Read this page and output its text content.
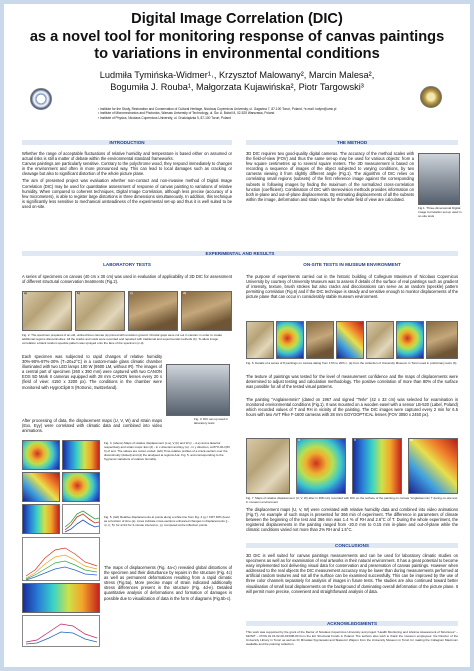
Digital Image Correlation (DIC)
as a novel tool for monitoring response of canvas paintings
to variations in environmental conditions
Ludmiła Tymińska-Widmer¹˒, Krzysztof Malowany², Marcin Malesa²,
Bogumiła J. Rouba¹, Małgorzata Kujawińska², Piotr Targowski³
¹ Institute for the Study, Restoration and Conservation of Cultural Heritage, Nicolaus Copernicus University, ul. Gagarina 7, 87-100 Toruń, Poland, *e-mail: ludym@umk.pl
² Institute of Micromechanics and Photonics, Warsaw University of Technology, ul. Św. A. Boboli 8, 02-525 Warszawa, Poland
³ Institute of Physics, Nicolaus Copernicus University, ul. Grudziądzka 5, 87-100 Toruń, Poland
INTRODUCTION
Whether the range of acceptable fluctuations of relative humidity and temperature is based either on assumed or actual risks is still a matter of debate within the environmental standard frameworks.
Canvas paintings are particularly sensitive. Contrary to the polychrome wood, they respond immediately to changes in the environment and often in more pronounced way. This can lead to local damages such as cracking or cleavage but also to significant distortion of the whole picture plane.
The aim of presented project was evaluation whether non-contact and non-invasive method of Digital Image Correlation (DIC) may be used for quantitative assessment of response of canvas painting to variations of relative humidity. When compared to coherent techniques, Digital Image Correlation, although less precise (accuracy of a few micrometers), is able to register large distortions in three dimensions simultaneously. In addition, this technique is significantly less sensitive to mechanical unsteadiness of the experimental set-up and thus it is well suited to be used on-site.
THE METHOD
3D DIC requires two good-quality digital cameras. The accuracy of the method scales with the field-of-view (FOV) and thus the same set-up may be used for various objects: from a few square centimetres up to several square meters. The 3D measurement is based on recording a sequence of images of the object subjected to varying conditions, by two cameras viewing it from slightly different angle (Fig.1). The algorithm of DIC relies on correlating small regions (subsets) of the first reference image against the corresponding subsets in following images by finding the maximum of the normalized cross-correlation function (coefficient). Combination of DIC with stereovision methods provides information on both in-plane and out-of-plane displacements. By estimating displacements of all the subsets within the image, deformation and strain maps for the whole field of view are calculated.
Fig.1. Three-dimensional Digital Image Correlation set-up used in on-site tests
EXPERIMENTAL AND RESULTS
LABORATORY TESTS
A series of specimens on canvas (40 cm x 30 cm) was used in evaluation of applicability of 3D DIC for assessment of different structural conservation treatments (Fig.2).
a)	b)	c)	d)
Fig. 2. The specimen prepared of an old, unlined linen canvas (a) primed with emulsion ground. Circular gaps were cut out in canvas: in order to create additional regions discontinuities. All the cracks and voids were recorded and repaired with traditional and experimental methods (b). To allow image correlation a black random speckle pattern was sprayed onto the face of the specimen (c-d).
Each specimen was subjected to rapid changes of relative humidity 30%-90%-87%-30% (T=20±2°C) in a custom-made glass climatic chamber illuminated with two LED lamps 100 W (8600 LM, without IR). The images of a central part of specimen (260 x 390 mm) were captured with two CANON EOS 5D Mark II cameras equipped with 28 mm CANON lenses every 20 s (field of view: 4150 x 3200 px). The conditions in the chamber were monitored with HygroClip8 S (Rotronic, Switzerland).
After processing of data, the displacement maps (U, V, W) and strain maps (Exx, Eyy) were correlated with climatic data and combined into video animations.
Fig. 3. DIC set-up used in laboratory tests
Fig. 4. (above) Maps of relative displacement (c-a), V (b) and W (c – d-e) and a detector respectively and strain maps: Exx (d) - in x direction and Eyy (e) - in y direction, at 87% RH (83 h) of test. The values are colour-coded. (left) Time-relative profiles of a crack-section over the discontinuity (dotted) and (d) the analysed at regions A-E. Fig. 5. and corresponding to the hygromet variations of relative humidity.
Fig. 5. (left) Relative displacements at points along a white line from Fig. 4 (g = FRT 46% (level as a function of time (a). Lines indicate cross-sections enhanced changes in displacements (j - n). (r, 5): for a=10 for 3-minute interval (o, p), computed at the inflection points.
The maps of displacements (Fig. 4a-c) revealed global distortions of the specimen and their disturbance by repairs in the structure (Fig. 4c) as well as permanent deformations resulting from a rapid climatic stress (Fig.5a). More precise maps of strain indicated additionally stress differences present in the structure (Fig. 4d-e). Detailed quantitative analysis of deformations and formation of damages is possible due to visualization of data in the form of diagrams (Fig.5b-c).
ON-SITE TESTS IN MUSEUM ENVIRONMENT
The purpose of experiments carried out in the historic building of Collegium Maximum of Nicolaus Copernicus University by courtesy of University Museum was to assess if details of the surface of real paintings such as gradient of intensity, texture, brush strokes but also cracks and discolorations can serve as an random (speckle) pattern permitting correlation (Fig.6) and if the DIC technique is steady and sensitive enough to monitor displacements of the picture plane that can occur in considerably stable museum environment.
Fig. 6. Details of a series of 8 paintings on canvas dating from 17th to 20th c. (a) from the collection of University Museum in Toruń used in preliminary tests (b).
The texture of paintings was tested for the level of measurement confidence and the maps of displacements were determined to adjust testing and calculation methodology. The positive correlation of more than 80% of the surface was possible for all of the tested visual patterns.
The painting "Anglaisemmin" (dated on 1967 and signed "Terle" (42 x 33 cm) was selected for examination in monitored environmental conditions (Fig.1). It was mounted on a wooden easel with a sensor LB-520 (Label, Poland) which recorded values of T and RH in vicinity of the painting. The DIC images were captured every 2 min for 6.5 hours with two AVT Pike F-1600 cameras with 28 mm GOYOOPTICAL lenses (FOV 3050 x 2450 px).
U	V	W
Fig. 7. Maps of relative displacement (U, V, W) after in 368 min) recorded with DIC on the surface of the painting on canvas "Anglaisemmin I" during on-site test in museum environment
The displacement maps (U, V, W) were correlated with relative humidity data and combined into video animations (Fig.7). An example of such maps is presented for 366 min of experiment. The difference in parameters of climate between the beginning of the test and 366 min was 1.4 % of RH and 2.6°C of T. During the whole experiment, the registered displacements in the painting ranged from -20.0 mm to 0.15 mm in-plane and out-of-plane while the climatic conditions varied not more than 2% RH and 1.5°C.
CONCLUSIONS
3D DIC is well suited for canvas paintings measurements and can be used for laboratory climatic studies on specimens as well as for examination of real artworks in their natural environment. It has a great potential to become easy implemented tool delivering visual data for conservation and preservation of canvas paintings. However when addressed to the real objects the DIC measurement accuracy may be lower than during measurements performed at artificial random textures and not all the surface can be examined successfully. This can be improved by the use of three color channels separately for analysis of images in future tests. The studies are also continued toward better visualisation of small local displacements on the background of dominating overall deformation of the picture plane. It will permit more precise, convenient and straightforward analysis of data.
ACKNOWLEDGMENTS
This work was supported by the grant of the Rector of Nicolaus Copernicus University and project "Health Monitoring and Lifetime Assessment of Structures" – MONIT – POIG.01.01.02-00-013/08-00 from the EU Structural Funds in Poland. The authors also wish to thank the museum employees: the Director of the University Library in Toruń as well as Dr Mirosław Sypniewski and Sławomir Wajcon from the University Museum in Toruń for making the Collegium Maximum available and the painting collection.
